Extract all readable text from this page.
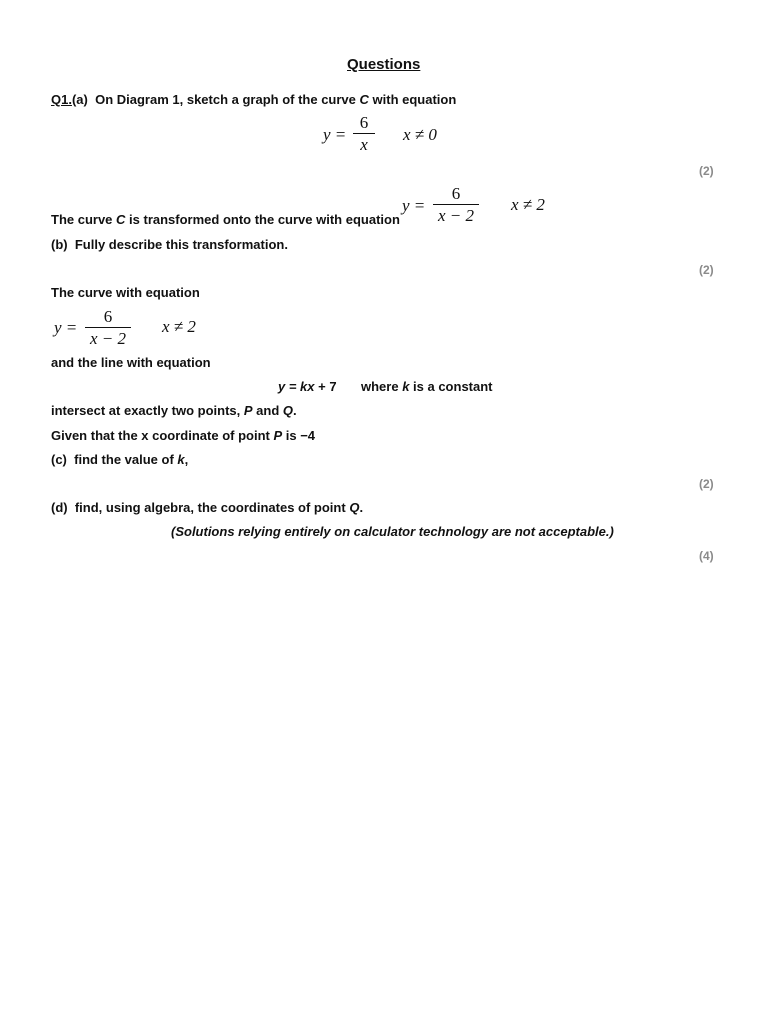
Questions
Q1.(a) On Diagram 1, sketch a graph of the curve C with equation
y =
6
x
x ≠ 0
(2)
y =
6
x − 2
x ≠ 2
The curve C is transformed onto the curve with equation
(b) Fully describe this transformation.
(2)
The curve with equation
y =
6
x − 2
x ≠ 2
and the line with equation
y = kx + 7 where k is a constant
intersect at exactly two points, P and Q.
Given that the x coordinate of point P is −4
(c) find the value of k,
(2)
(d) find, using algebra, the coordinates of point Q.
(Solutions relying entirely on calculator technology are not acceptable.)
(4)
